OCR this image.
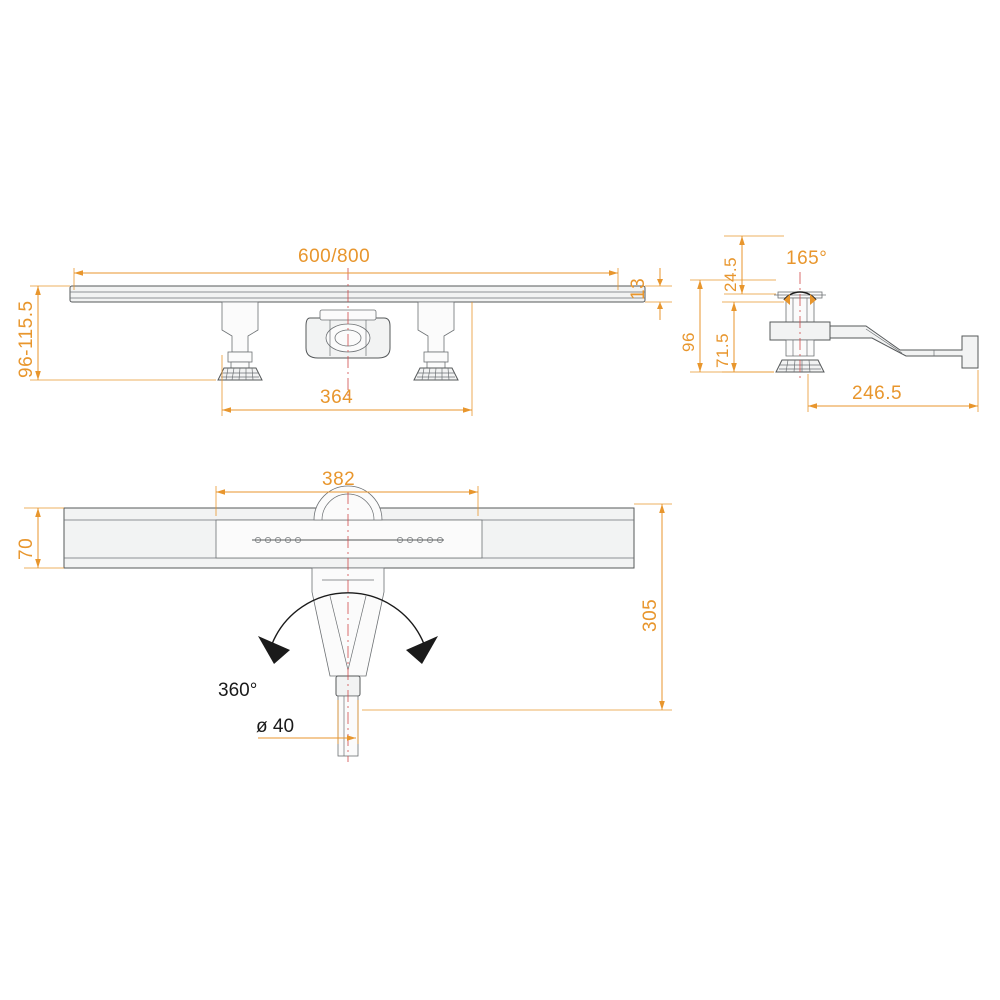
600/800
13
96-115.5
364
165°
24.5
96 71.5
246.5
382
70
305
360°
ø 40
